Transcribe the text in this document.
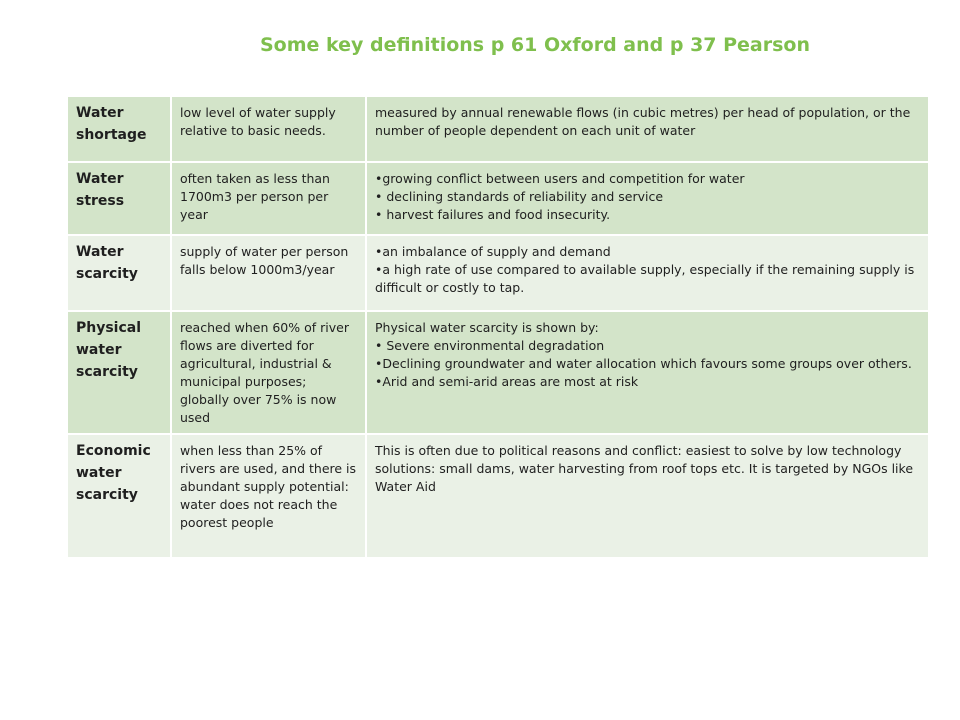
Some key definitions p 61 Oxford and p 37 Pearson
Water shortage	low level of water supply relative to basic needs.	measured by annual renewable flows (in cubic metres) per head of population, or the number of people dependent on each unit of water

Water stress	often taken as less than 1700m3 per person per year	•growing conflict between users and competition for water
• declining standards of reliability and service
• harvest failures and food insecurity.

Water scarcity	supply of water per person falls below 1000m3/year	•an imbalance of supply and demand
•a high rate of use compared to available supply, especially if the remaining supply is difficult or costly to tap.

Physical water scarcity	reached when 60% of river flows are diverted for agricultural, industrial & municipal purposes; globally over 75% is now used	Physical water scarcity is shown by:
• Severe environmental degradation
•Declining groundwater and water allocation which favours some groups over others.
•Arid and semi-arid areas are most at risk

Economic water scarcity	when less than 25% of rivers are used, and there is abundant supply potential: water does not reach the poorest people	This is often due to political reasons and conflict: easiest to solve by low technology solutions: small dams, water harvesting from roof tops etc. It is targeted by NGOs like Water Aid
